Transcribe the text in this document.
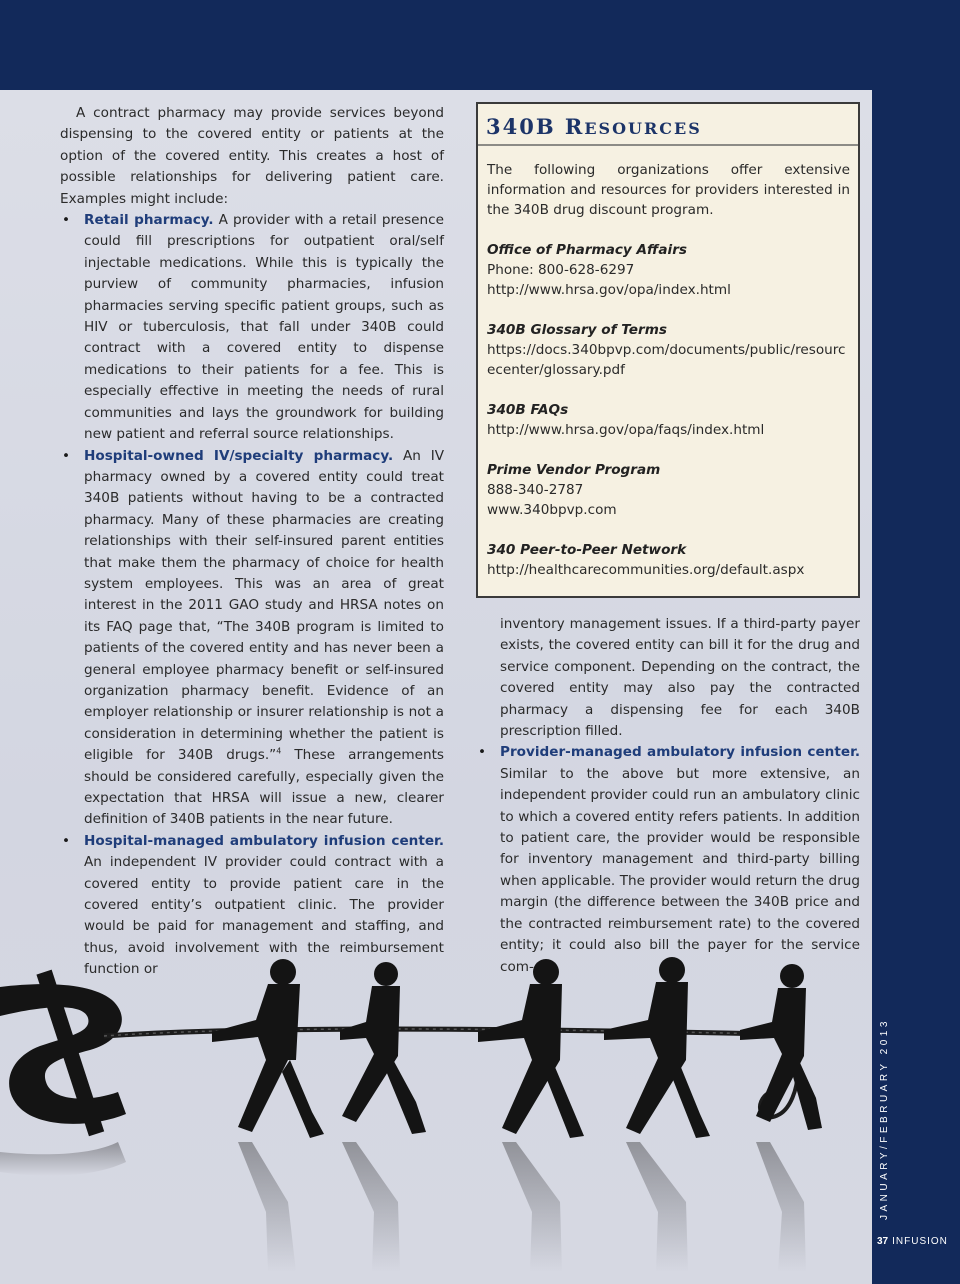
JANUARY/FEBRUARY 2013
37 INFUSION

A contract pharmacy may provide services beyond dispensing to the covered entity or patients at the option of the covered entity. This creates a host of possible relationships for delivering patient care. Examples might include:

• Retail pharmacy. A provider with a retail presence could fill prescriptions for outpatient oral/self injectable medications. While this is typically the purview of community pharmacies, infusion pharmacies serving specific patient groups, such as HIV or tuberculosis, that fall under 340B could contract with a covered entity to dispense medications to their patients for a fee. This is especially effective in meeting the needs of rural communities and lays the groundwork for building new patient and referral source relationships.
• Hospital-owned IV/specialty pharmacy. An IV pharmacy owned by a covered entity could treat 340B patients without having to be a contracted pharmacy. Many of these pharmacies are creating relationships with their self-insured parent entities that make them the pharmacy of choice for health system employees. This was an area of great interest in the 2011 GAO study and HRSA notes on its FAQ page that, “The 340B program is limited to patients of the covered entity and has never been a general employee pharmacy benefit or self-insured organization pharmacy benefit. Evidence of an employer relationship or insurer relationship is not a consideration in determining whether the patient is eligible for 340B drugs.”$^4$ These arrangements should be considered carefully, especially given the expectation that HRSA will issue a new, clearer definition of 340B patients in the near future.
• Hospital-managed ambulatory infusion center. An independent IV provider could contract with a covered entity to provide patient care in the covered entity’s outpatient clinic. The provider would be paid for management and staffing, and thus, avoid involvement with the reimbursement function or
340B RESOURCES

The following organizations offer extensive information and resources for providers interested in the 340B drug discount program.

Office of Pharmacy Affairs

Phone: 800-628-6297

http://www.hrsa.gov/opa/index.html

340B Glossary of Terms

https://docs.340bpvp.com/documents/public/resourcecenter/glossary.pdf

340B FAQs

http://www.hrsa.gov/opa/faqs/index.html

Prime Vendor Program

888-340-2787

www.340bpvp.com

340 Peer-to-Peer Network

http://healthcarecommunities.org/default.aspx

inventory management issues. If a third-party payer exists, the covered entity can bill it for the drug and service component. Depending on the contract, the covered entity may also pay the contracted pharmacy a dispensing fee for each 340B prescription filled.

• Provider-managed ambulatory infusion center. Similar to the above but more extensive, an independent provider could run an ambulatory clinic to which a covered entity refers patients. In addition to patient care, the provider would be responsible for inventory management and third-party billing when applicable. The provider would return the drug margin (the difference between the 340B price and the contracted reimbursement rate) to the covered entity; it could also bill the payer for the service com-
